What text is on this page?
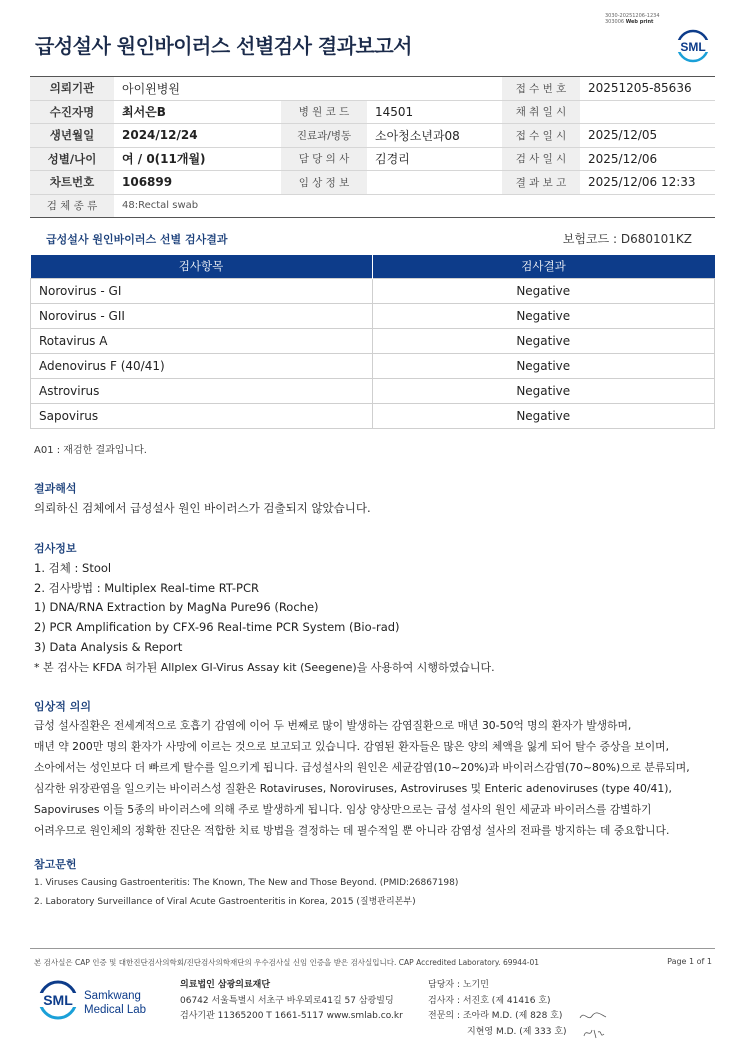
3030-20251206-1234
303006 Web print
급성설사 원인바이러스 선별검사 결과보고서	SML
의뢰기관	아이윈병원			접 수 번 호	20251205-85636
수진자명	최서은B	병 원 코 드	14501	채 취 일 시	
생년월일	2024/12/24	진료과/병동	소아청소년과08	접 수 일 시	2025/12/05
성별/나이	여 / 0(11개월)	담 당 의 사	김경리	검 사 일 시	2025/12/06
차트번호	106899	임 상 정 보		결 과 보 고	2025/12/06 12:33
검 체 종 류	48:Rectal swab				
급성설사 원인바이러스 선별 검사결과	보험코드 : D680101KZ
검사항목	검사결과
Norovirus - GI	Negative
Norovirus - GII	Negative
Rotavirus A	Negative
Adenovirus F (40/41)	Negative
Astrovirus	Negative
Sapovirus	Negative
A01 : 재검한 결과입니다.
결과해석
의뢰하신 검체에서 급성설사 원인 바이러스가 검출되지 않았습니다.
검사정보
1. 검체 : Stool
2. 검사방법 : Multiplex Real-time RT-PCR
1) DNA/RNA Extraction by MagNa Pure96 (Roche)
2) PCR Amplification by CFX-96 Real-time PCR System (Bio-rad)
3) Data Analysis & Report
* 본 검사는 KFDA 허가된 Allplex GI-Virus Assay kit (Seegene)을 사용하여 시행하였습니다.
임상적 의의
급성 설사질환은 전세계적으로 호흡기 감염에 이어 두 번째로 많이 발생하는 감염질환으로 매년 30-50억 명의 환자가 발생하며,
매년 약 200만 명의 환자가 사망에 이르는 것으로 보고되고 있습니다. 감염된 환자들은 많은 양의 체액을 잃게 되어 탈수 증상을 보이며,
소아에서는 성인보다 더 빠르게 탈수를 일으키게 됩니다. 급성설사의 원인은 세균감염(10~20%)과 바이러스감염(70~80%)으로 분류되며,
심각한 위장관염을 일으키는 바이러스성 질환은 Rotaviruses, Noroviruses, Astroviruses 및 Enteric adenoviruses (type 40/41),
Sapoviruses 이들 5종의 바이러스에 의해 주로 발생하게 됩니다. 임상 양상만으로는 급성 설사의 원인 세균과 바이러스를 감별하기
어려우므로 원인체의 정확한 진단은 적합한 치료 방법을 결정하는 데 필수적일 뿐 아니라 감염성 설사의 전파를 방지하는 데 중요합니다.
참고문헌
1. Viruses Causing Gastroenteritis: The Known, The New and Those Beyond. (PMID:26867198)
2. Laboratory Surveillance of Viral Acute Gastroenteritis in Korea, 2015 (질병관리본부)
본 검사실은 CAP 인증 및 대한진단검사의학회/진단검사의학재단의 우수검사실 신임 인증을 받은 검사실입니다. CAP Accredited Laboratory. 69944-01	Page 1 of 1
SML Samkwang
Medical Lab
의료법인 삼광의료재단
06742 서울특별시 서초구 바우뫼로41길 57 삼광빌딩
검사기관 11365200 T 1661-5117 www.smlab.co.kr
담당자 : 노기민
검사자 : 서진호 (제 41416 호)
전문의 : 조아라 M.D. (제 828 호)
지현영 M.D. (제 333 호)
